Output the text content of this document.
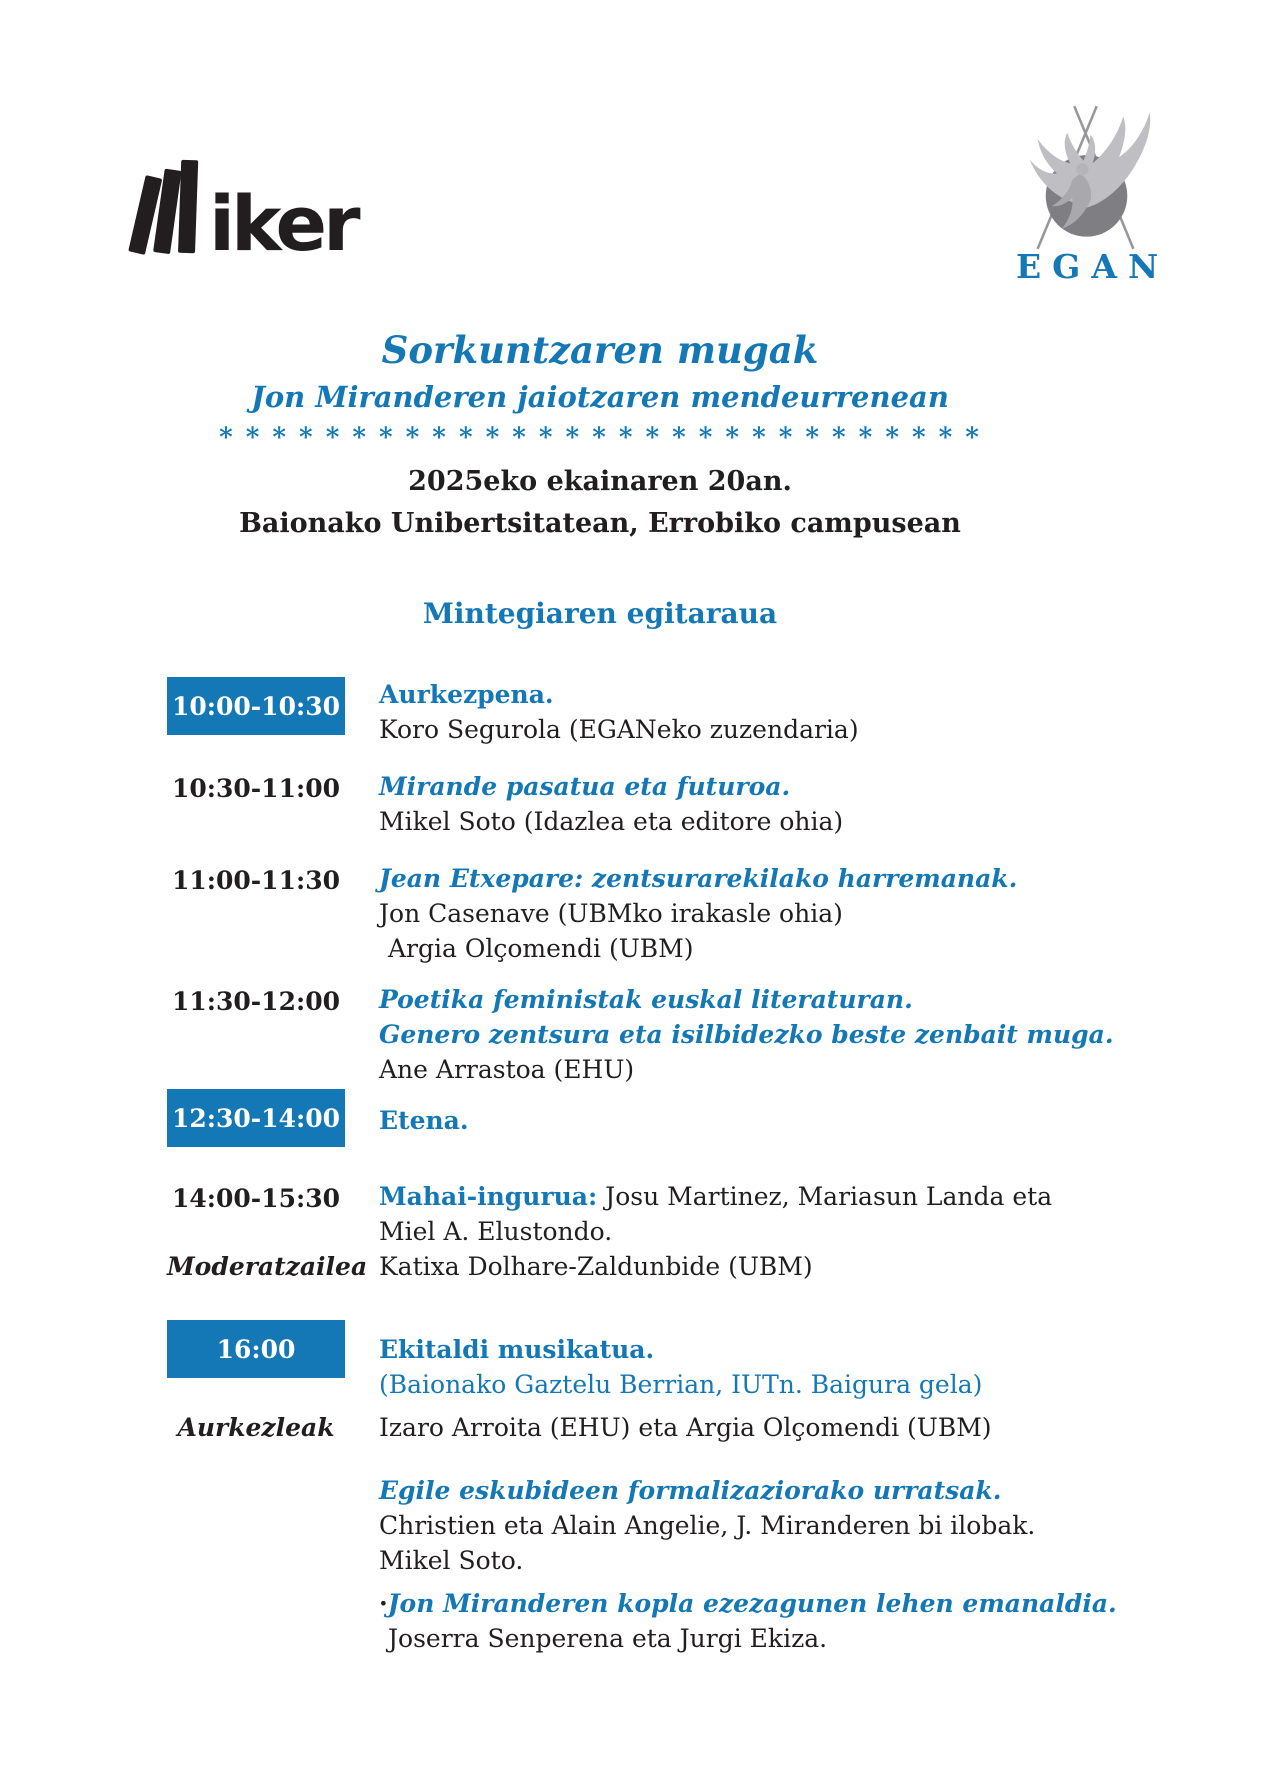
iker	EGAN
Sorkuntzaren mugak
Jon Miranderen jaiotzaren mendeurrenean
* * * * * * * * * * * * * * * * * * * * * * * * * * * * *
2025eko ekainaren 20an.
Baionako Unibertsitatean, Errobiko campusean
Mintegiaren egitaraua
10:00-10:30 Aurkezpena.
Koro Segurola (EGANeko zuzendaria)
10:30-11:00 Mirande pasatua eta futuroa.
Mikel Soto (Idazlea eta editore ohia)
11:00-11:30 Jean Etxepare: zentsurarekilako harremanak.
Jon Casenave (UBMko irakasle ohia)
Argia Olçomendi (UBM)
11:30-12:00 Poetika feministak euskal literaturan.
Genero zentsura eta isilbidezko beste zenbait muga.
Ane Arrastoa (EHU)
12:30-14:00 Etena.
14:00-15:30 Mahai-ingurua: Josu Martinez, Mariasun Landa eta
Miel A. Elustondo.
Moderatzailea Katixa Dolhare-Zaldunbide (UBM)
16:00	Ekitaldi musikatua.
(Baionako Gaztelu Berrian, IUTn. Baigura gela)
Aurkezleak	Izaro Arroita (EHU) eta Argia Olçomendi (UBM)
Egile eskubideen formalizaziorako urratsak.
Christien eta Alain Angelie, J. Miranderen bi ilobak.
Mikel Soto.
·Jon Miranderen kopla ezezagunen lehen emanaldia.
Joserra Senperena eta Jurgi Ekiza.
